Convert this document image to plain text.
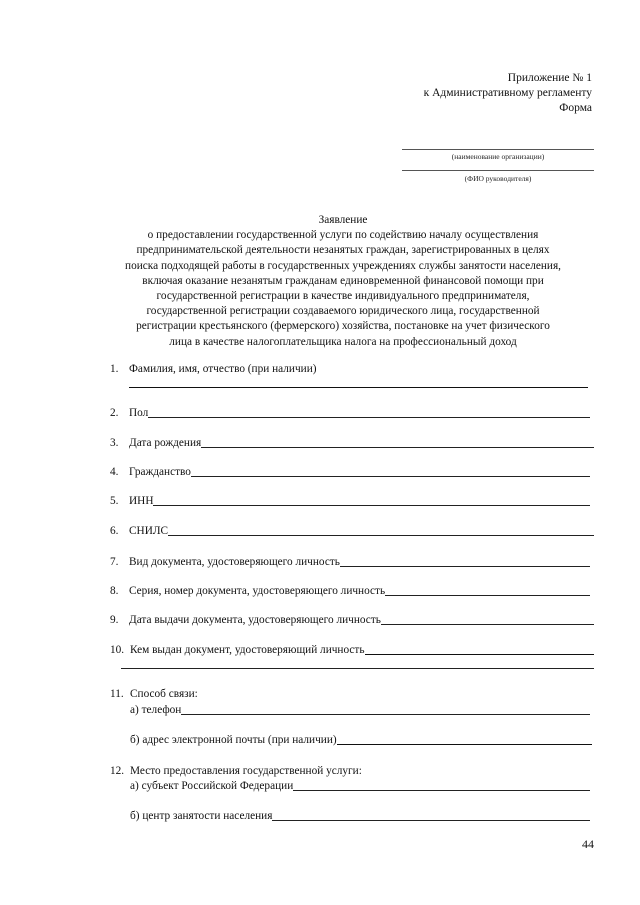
Приложение № 1
к Административному регламенту
Форма
(наименование организации)
(ФИО руководителя)
Заявление
о предоставлении государственной услуги по содействию началу осуществления
предпринимательской деятельности незанятых граждан, зарегистрированных в целях
поиска подходящей работы в государственных учреждениях службы занятости населения,
включая оказание незанятым гражданам единовременной финансовой помощи при
государственной регистрации в качестве индивидуального предпринимателя,
государственной регистрации создаваемого юридического лица, государственной
регистрации крестьянского (фермерского) хозяйства, постановке на учет физического
лица в качестве налогоплательщика налога на профессиональный доход
1. Фамилия, имя, отчество (при наличии)
2. Пол
3. Дата рождения
4. Гражданство
5. ИНН
6. СНИЛС
7. Вид документа, удостоверяющего личность
8. Серия, номер документа, удостоверяющего личность
9. Дата выдачи документа, удостоверяющего личность
10. Кем выдан документ, удостоверяющий личность
11. Способ связи:
а) телефон
б) адрес электронной почты (при наличии)
12. Место предоставления государственной услуги:
а) субъект Российской Федерации
б) центр занятости населения
44
